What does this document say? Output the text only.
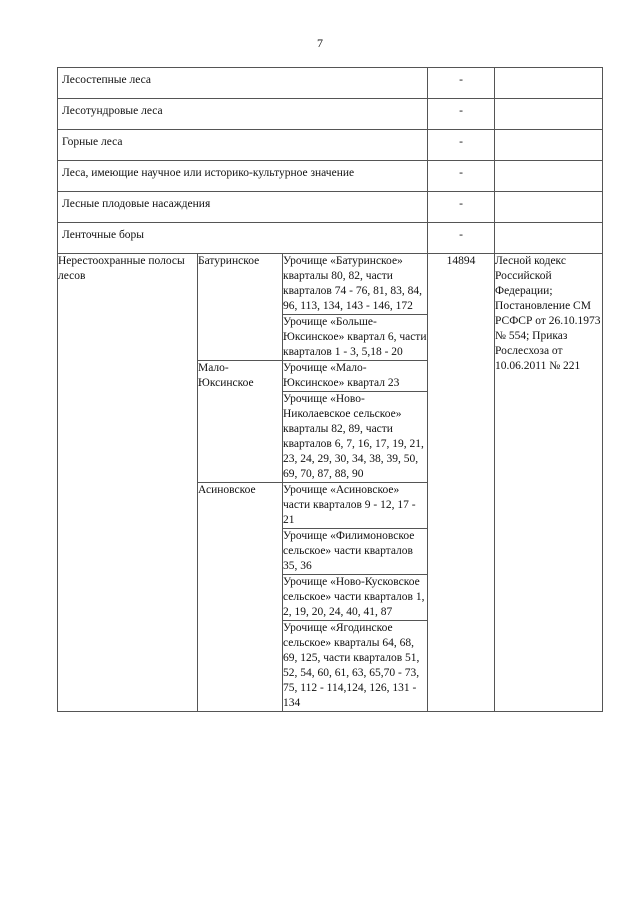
7
Лесостепные леса			-	
Лесотундровые леса			-	
Горные леса			-	
Леса, имеющие научное или историко-культурное значение			-	
Лесные плодовые насаждения			-	
Ленточные боры			-	
Нерестоохранные полосы лесов	Батуринское	Урочище «Батуринское» кварталы 80, 82, части кварталов 74 - 76, 81, 83, 84, 96, 113, 134, 143 - 146, 172	14894	Лесной кодекс Российской Федерации; Постановление СМ РСФСР от 26.10.1973 № 554; Приказ Рослесхоза от 10.06.2011 № 221
		Урочище «Больше-Юксинское» квартал 6, части кварталов 1 - 3, 5,18 - 20		
	Мало-Юксинское	Урочище «Мало-Юксинское» квартал 23		
		Урочище «Ново-Николаевское сельское» кварталы 82, 89, части кварталов 6, 7, 16, 17, 19, 21, 23, 24, 29, 30, 34, 38, 39, 50, 69, 70, 87, 88, 90		
	Асиновское	Урочище «Асиновское» части кварталов 9 - 12, 17 - 21		
		Урочище «Филимоновское сельское» части кварталов 35, 36		
		Урочище «Ново-Кусковское сельское» части кварталов 1, 2, 19, 20, 24, 40, 41, 87		
		Урочище «Ягодинское сельское» кварталы 64, 68, 69, 125, части кварталов 51, 52, 54, 60, 61, 63, 65,70 - 73, 75, 112 - 114,124, 126, 131 - 134		
